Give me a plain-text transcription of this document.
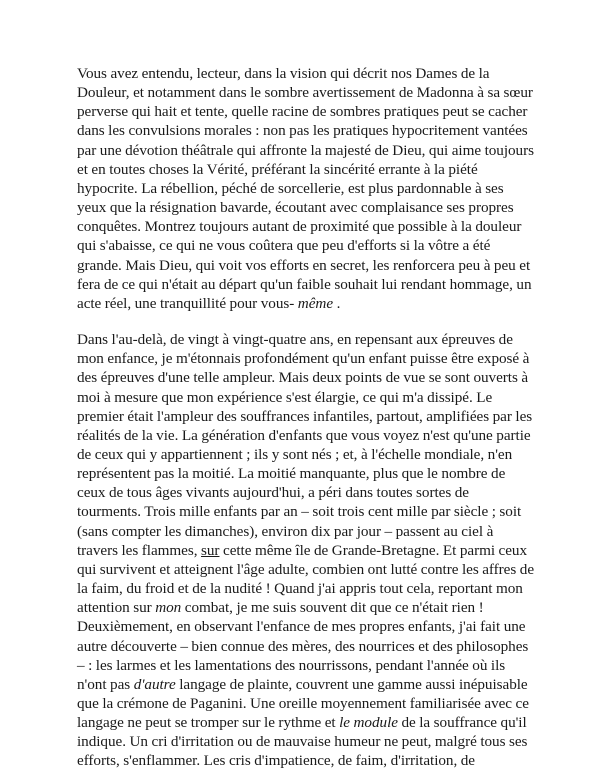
Vous avez entendu, lecteur, dans la vision qui décrit nos Dames de la
Douleur, et notamment dans le sombre avertissement de Madonna à sa sœur
perverse qui hait et tente, quelle racine de sombres pratiques peut se cacher
dans les convulsions morales : non pas les pratiques hypocritement vantées
par une dévotion théâtrale qui affronte la majesté de Dieu, qui aime toujours
et en toutes choses la Vérité, préférant la sincérité errante à la piété
hypocrite. La rébellion, péché de sorcellerie, est plus pardonnable à ses
yeux que la résignation bavarde, écoutant avec complaisance ses propres
conquêtes. Montrez toujours autant de proximité que possible à la douleur
qui s'abaisse, ce qui ne vous coûtera que peu d'efforts si la vôtre a été
grande. Mais Dieu, qui voit vos efforts en secret, les renforcera peu à peu et
fera de ce qui n'était au départ qu'un faible souhait lui rendant hommage, un
acte réel, une tranquillité pour vous- même .

Dans l'au-delà, de vingt à vingt-quatre ans, en repensant aux épreuves de
mon enfance, je m'étonnais profondément qu'un enfant puisse être exposé à
des épreuves d'une telle ampleur. Mais deux points de vue se sont ouverts à
moi à mesure que mon expérience s'est élargie, ce qui m'a dissipé. Le
premier était l'ampleur des souffrances infantiles, partout, amplifiées par les
réalités de la vie. La génération d'enfants que vous voyez n'est qu'une partie
de ceux qui y appartiennent ; ils y sont nés ; et, à l'échelle mondiale, n'en
représentent pas la moitié. La moitié manquante, plus que le nombre de
ceux de tous âges vivants aujourd'hui, a péri dans toutes sortes de
tourments. Trois mille enfants par an – soit trois cent mille par siècle ; soit
(sans compter les dimanches), environ dix par jour – passent au ciel à
travers les flammes, sur cette même île de Grande-Bretagne. Et parmi ceux
qui survivent et atteignent l'âge adulte, combien ont lutté contre les affres de
la faim, du froid et de la nudité ! Quand j'ai appris tout cela, reportant mon
attention sur mon combat, je me suis souvent dit que ce n'était rien !
Deuxièmement, en observant l'enfance de mes propres enfants, j'ai fait une
autre découverte – bien connue des mères, des nourrices et des philosophes
– : les larmes et les lamentations des nourrissons, pendant l'année où ils
n'ont pas d'autre langage de plainte, couvrent une gamme aussi inépuisable
que la crémone de Paganini. Une oreille moyennement familiarisée avec ce
langage ne peut se tromper sur le rythme et le module de la souffrance qu'il
indique. Un cri d'irritation ou de mauvaise humeur ne peut, malgré tous ses
efforts, s'enflammer. Les cris d'impatience, de faim, d'irritation, de
